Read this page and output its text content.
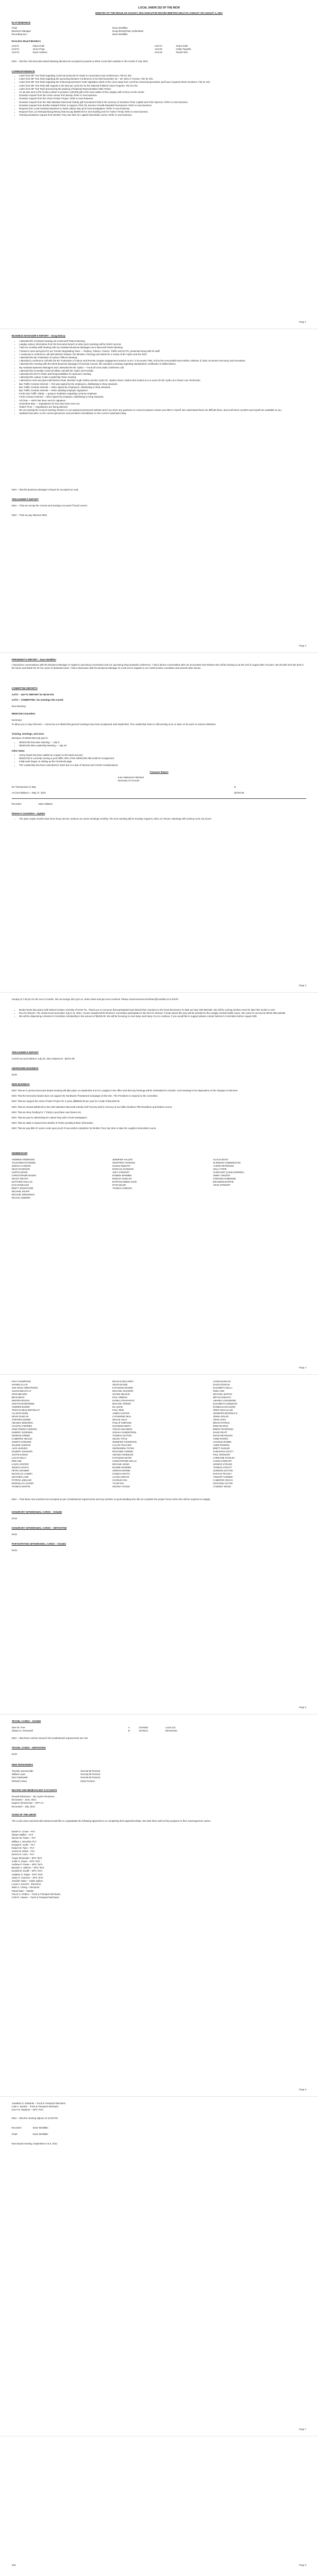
LOCAL UNION 252 OF THE MCW
MINUTES OF THE REGULAR AUGUST, 2021 EXECUTIVE BOARD MEETING HELD IN LANGLEY ON AUGUST 4, 2021
IN ATTENDANCE
Chair	Dave McMillan
Business Manager	Doug McKay/Gary Sutherland
Recording Sec.	Dave McMillan
Executive Board Members
Unit #1	Klaus Kraft	Unit #4	Grant Clark
Unit #2	Gerry Pope	Unit #5	Cathy Tegzelle
Unit #3	Dave Hoskins	Unit #6	Rachel Moi
MSC – that the Unit Executive Board Meeting Minutes be accepted as posted to MCW Local 252's website in the month of July 2021.
CORRESPONDENCE
• Letter from MF Tom Reid regarding Covid-19 protocols for travel to conventions and conferences. File for Info.
• Letter from MF Tom Reid regarding the upcoming Western Conference to be held November 18 – 20, 2021 in Toronto. File for Info.
• Letter from MF Tom Reid regarding the Federal government 'scab' legislation which is the move away from cost from electrical generation and how it impacts MCW members. File for Info.
• Letter from MF Tom Reid with regards to the $10 per cycle fee for the National Political Action Program. File for Info.
• Letter from MF Tom Reid announcing the passing of National Representative Mike Power.
• An ad was sent to the Scotia Lumber to produce a $3,000 gift to the local cadets of the Langley with a focus on the needs.
• Donation request from the Union House Port Moody. Refer to new business.
• Donation request from the Union Protein Project. Refer to new business.
• Donation request from the Salt Salvation Memorial Charity golf tournament held in the memory of members Peter Lapiski and Chris Spencer. Refer to new business.
• Donation request from Brother Edward Fisher in support of the Fly Summer Growth Baseball Tournament. Refer to new business.
• Request from Local Assistant Business to Tarek Labour Day ad in local newspapers. Refer to new business.
• Request from Lori McIsaac/Doug McKay that we pay $2000.00 for new bowling sets for Trainer Trinity. Refer to new business.
• Training assistance request from Brother Tony Van Woe for Logistic Essentials course. Refer to new business.
Page 1
BUSINESS MANAGER'S REPORT – Doug McKay
• I attended the Jul Board meeting via a Microsoft Teams Meeting.
• Langley Labour Information from the Executive Board on when joint meetings will be held in person.
• I had our monthly staff meeting with my Assistant Business Managers via a Microsoft Teams Meeting.
• I hosted a meet and greet for our Toronto Negotiating Team — Rodney, Trainee, Francis, Traffic and ECTG, presented along with its staff.
• I conducted a conference call with Minister Ralston, the Minister of Energy and asked for a review of BC Hydro and the ROC.
• I attended the BC Federation of Labour Officers Meeting.
• I attended a conference call with the BC Federation of Labour and Premier Horgan engagement session on B.C.'s Economic Plan, led by the Honourable Ravi Kahlon, Minister of Jobs, Economic Recovery and Innovation.
• I attended the meeting with the MCW Business Managers Provincial Council, this included a meeting regarding standardizes certificates of skilled labour.
• My Assistant Business Managers and I attended the BC Hydro — Fund all cross trade conference call.
• I attended the bi-weekly Covid-19 tables call with BC Hydro and Fortisbc.
• I attended the BCTC Roles and Responsibilities for Sponsors meeting.
• I attended the Labour Codes Leadership Team meeting.
• I attended a meet and greet with Bernie Pearl, Member Hugh Smiley and BC Hydro Dr. Jayden Stone Vowles who invited us to a union for BC Hydro at a Power Line Technician.
• Bus Traffic Contract Internal — this was signed by the employees, distributing to shop stewards.
• Bus Traffic Contract Internal — MOU signed by employees, distributing to shop stewards.
• Bus Traffic Contract Internal — MOU awaiting employer signatures.
• Fortis Gas Traffic Clarity — going to mediation regarding common employer.
• Fortis Contract Internal — MOU signed by employer, distributing to shop stewards.
• All Clear — MOA has been sent for signature.
• Horseshoe Bay — negotiations for bus have been sent out.
• Hubert Trust — negotiations are being planned.
• We are posting the Council meeting minutes on our password protected website and if you have any questions or concerns please contact your BM or myself. We understand these are difficult times, and at all times my BM's and myself are available to you.
• Updated Executive on the current grievances and provided a breakdown on the current caseloads today.
MSC – that the Business Manager's Report be accepted as read.
TREASURER'S REPORT
MSC – That we accept the Current and Savings Accounts if found correct.
MSC – That we pay Warrant #000.
Page 2
PRESIDENT'S REPORT – Dave McMillan
I had phone conversations with the Business Manager in regard to upcoming conventions and our upcoming shop stewards conference. I had a phone conversation with our accountant Gert Nielsen who will be leaving us at the end of August after 23 years. We all wish Gert the best in the future and thank her for her years of dedicated work. I had a discussion with the Business Manager of Local 213 in regards to our Youth Section committee and several other issues.
COMMITTEE REPORTS
AJ/TC – 4&YTC REPORT for MCW 078
AJ/TC – COMMITTEE: Six meetings this month
Next Meeting:
NEWCOM Committee
Summary:
To allow you to stay informed — tomorrow our NEWCOM general meetings have been postponed until September. The Leadership Team is still meeting once or twice on its work on various initiatives.
Training, meetings, and more
Members of NEWCOM took part in:
• NEWCOM Executive Meeting — July 8
• NEWCOM 258 Leadership Meeting — July 20
Other News
• Jenny Stuart has been added as a signer to the bank account.
• NEWCOM is currently running a pool raffle: 50% of the NEWCOM 258 email be reorganized.
• Initial work began on setting up the Facebook page.
• The Leadership has been extended for 2022 due to a lack of interest and COVID considerations.
Treasurer Report
June Statement Attached
Summary of Account:
No Transactions in May	$
Account Balance = May 27, 2021	$2784.08
Recorder:	Dave Wallace
Women's Committee – Update
• The past couple months have been busy and we continue our Zoom meetings monthly. The next meeting will be Sunday August 8, 2021 at 7:00 pm. Meetings will continue to be via Zoom!
Page 3
Sunday at 7:00 pm for the next 3 months. We encourage all to join us, share ideas and get more involved. Please email womenscommittee@mcw258.ca to RSVP.
• Border Book discussion with Nelson's Diane currently of GCW-TIL. Thank you to everyone that participated and shared their reactions to the book discussion! To date we have 500 500.900. We will be coming another event for later this month or next.
• Run for Women: The virtual event took place July 5-11, 2021. Across Canada MCW Women's Committee participated in the Run for Women. Funds raised this year will be donated to the Langley mental health cause. We came for second as MCW 258 website.
• We will be dispensing a Women's Committee scholarship in the amount of $1000.00. We will be focusing on next steps and many of us to continue. If you would like to support please contact Women's Committee before August 20th.
TREASURER'S REPORT
Current account balance July 30, 2021 Statement - $2372.38
UNFINISHED BUSINESS
None
NEW BUSINESS
MSC That an in person Executive Board meeting will take place on September 8 & 9 in Langley in the office and that any hearings will be scheduled for October. Unit meetings to be dependent on the changes to that time.
MSC That the Executive Board does not support the Northwest Threatened Campaign at this time. The President to respond to the committee.
MSC That we support the Union Protein Project for 3 years @$5000.00 per year for a total of $15,000.00.
MSC That we donate $2000.00 to the Salt Salvation Memorial Charity Golf Tourney held in memory of our fallen Brothers Phil Woodburn and Robert Lemon.
MSC That we deny funding for 7 Trinity to purchase new frames etc.
MSC That we pay for advertising for Labour Day ads in local newspapers.
MSC That we table a request from Brother E Fisher pending further information.
MSC That we pay $60 of course costs upon proof of successful completion for Brother Tony Van Woe to take the Logistics Essentials course.
MEMBERSHIP
ANDREW ANDERSON
TOUCHWIN RAYMOND
JOSHUA CARSON
SEAN DAVIDSON
KURTIS WOOD
CHRISTOPHER BAUER
GRANT DEVITO
MATTHEW GOLLAN
DAN GONZALEZ
BRETT JOHNSTONE
MICHAEL KNAPP
MICHAEL KRESSMAN
NICOLE LEMMON
JENNIFER HALLER
GEOFFREY HOSKINS
SUSAN RIZZUTO
MARCUS JOHNSON
JUDY STEWART
DAMIEN WARMEN
MARLEY DUNCAN
BARTHOLOMEW JOHN
RYAN WILDE
THOMAS SHIELDS
ACACIA BOYD
GLENDON CUMMINGHAM
AARON PETERSON
KELLY POPE
GARRAHET (LUKE) MORRELL
JIMMY VINCENT
STEPHEN HAMMOND
BRANDON BARTHE
JOHN STEWART
Page 4
PAKA THOMPSON
SHAWN ALLAN
JON ARUN ARMSTRONG
ALEXIS BEASTLAY
JOHN BEAVER
BRAD BEAR
WINSOR BOGGS
JONATHON BROWNE
ANDREW BURKE
TRISTAN DELE BETHELLIT
ALLISON DUNN
KEVIN DUNCAN
STEPHEN DUNNE
AMANDA EDWARDS
CHANTAL FERRIES
JOSE PEDRO FUENTES
SHERRY GOODWIN
GEORGE GREEN
CAMERON HEALES
JOSEPH HOWARD
JOLENE HUDSON
ALEX HUGHES
GILBERT JOHNSON
JUSTIN KAMUS
LUCAS KELLY
ERIK KIM
LAURA KOSTER
JESSICA KOVAC
PETRA KRAMER
NICHOLAS LANDRY
HEATHER LANE
PATRICK LEBLANC
MARCELLO LOCKER
THOMAS MARTIN
REAGAN MCCARDY
SEIJO MCGEE
KATHLEEN MOORE
MICHAEL NAVARRE
SHANE NELSON
PAUL NIEMAN
DANELL PRASHOVIC
MICHAEL PREWS
ELI QUAN
PAUL REID
JAMES SANTOS
CATHERINE SEAL
NICOLE SILVA
PHILLIP SIMPSON
SHANNON SMITH
TOGAN SOLOMON
JOSHUA SUNDSTROM
THOMAS SUTTON
SELINA TATLE
JENNIFER THOMPSON
CALVIN TOLLIVER
GERNOMINA TOTEN
ROXANNE TURNER
AMANDA WHEELER
KATHLEEN WHITE
CHRISTOPHER WALLS
MICHAEL WANG
DIANNE WARDEN
JORDAN WARNE
HANNAH WATTS
ALYSSA WOLFE
CHARLES WU
TYLER WU
HELENA YOUNG
JASON DUNCAN
DAVID DUNCAN
ELIZABETH KELLY
NOEL ANN
MICHAEL MARTIN
BRYAN KNIGHTS
AMANDA LONGMORE
ELIZABETH LINDQVIST
DANIELLE MACLEOD
GREG MCCALLUM
JENNIFER MCDONALD
JENNA NOLAN
JOHN OAKS
BRIAN PATRICK
ERIN PEARCE
BRENT PETERSON
DAVID PRATT
KEVIN REYNOLDS
ANNE RIVERS
CHARLIE RODEN
ANNE ROGERS
BRETT SADLER
SAMANTHA SCOTT
PAUL SPENCER
LORRAINE STANLEY
JASON STEWART
LENNOX STRAND
THOMAS STRUTT
GORDON SUTTON
NATHAN TRACEY
VINCENT TURNER
CAMERON VEGAS
GIOVANNI VICTOR
LYNDSEY WOOD
MSC – That these new members be accepted as per Constitutional requirements and any member in good standing who did not complete the proper forms at the time will be required to reapply.
HONORARY WITHDRAWAL CARDS – ISSUED
None
HONORARY WITHDRAWAL CARDS – DEPOSITED
None
PARTICIPATING WITHDRAWAL CARDS – ISSUED
None
Page 5
TRAVEL CARDS – ISSUED
Glen M. Tree	A.	2476482	Local 213
Shawn D. Greenwell	B.	3275212	Electricians
MSC – that these card be issued if all Constitutional requirements are met.
TRAVEL CARDS – DEPOSITED
None
NEW PENSIONERS
Timothy Summerville	Normal 65 Pension
William Lowe	Normal 65 Pension
Dan Gawlowski	Normal 65 Pension
Michael Casey	Early Pension
DEATHS AND BENEVOLENT ACCOUNTS
Russell Robertson – BC Hydro Pensioner
Deceased – June, 2021
Eugene Zimmerman – EPT-A4
Deceased – July, 2021
GOOD OF THE UNION
The Local Union and Executive Board would like to congratulate the following apprentices on completing their apprenticeships. We wish them well as they progress in their Journeyperson career.
Daniel S. Crowe – PLT
Shawn Walker – PLT
Steven W. Paton – PLT
William J. McArthur PLT
Ronald R. Golfe – PLT
Robert W. Tyler – PLT
Jonnie M. Eakin – PLT
Dennis R. Hunt – PLT
Angus Mcdonald – EPC Tech
Justin K. Dayto – EPC Tech
Andrew P. Fraser – EPC Tech
Bossein A. Salmon – EPC Tech
Donald M. Zoulfe – EPC Tech
Calahan S. Paige – EPC Tech
Jamie K. Harrison – EPC Tech
Jennifer Halse – Cable Splicer
Lucas A. Everett – Electrical
Mark S. Chang – Electrical
Fahed Nasr – Welder
Trevor K. Robins – Truck & Transport Mechanic
Colin R. Hawes – Truck & Transport Mechanic
Page 6
Jonathan G. Edwards – Truck & Transport Mechanic
Luke A. Buckle – Truck & Transport Mechanic
Kurt F.G. Martinez – EPC Tech
MSC – that the meeting adjourn at 12:00 PM
Recorder:	Dave McMillan
Chair:	Dave McMillan
Next Board meeting: September 8 & 9, 2021
Page 7
Jhw	Page 8
